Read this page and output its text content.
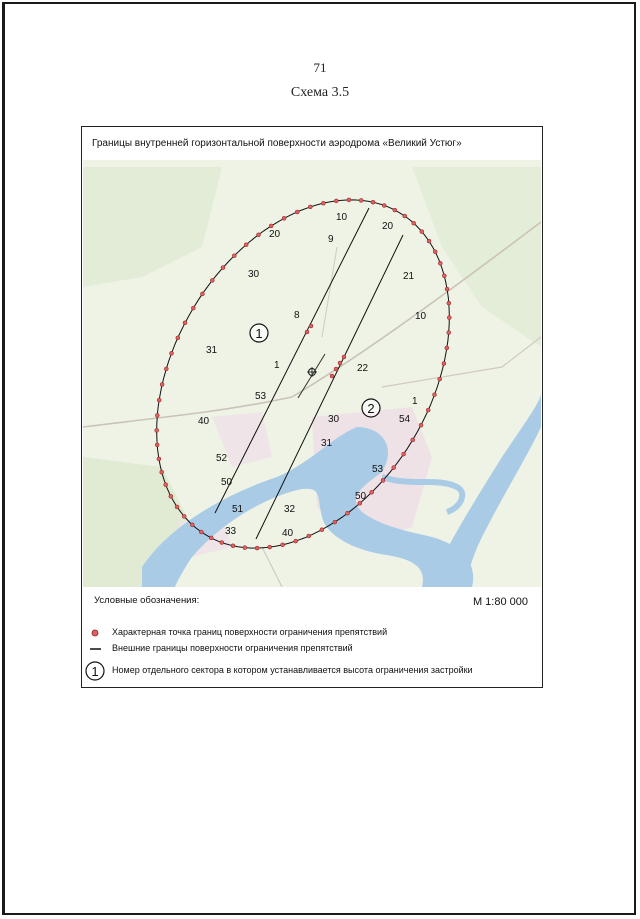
71
Схема 3.5
Границы внутренней горизонтальной поверхности аэродрома «Великий Устюг»
10
9
20
20
30	21
10
8
31
1	22
53
40	30
1
54
31
52
50
53
51	32
50
33	40
1
2
1
Условные обозначения:	М 1:80 000
Характерная точка границ поверхности ограничения препятствий
Внешние границы поверхности ограничения препятствий
Номер отдельного сектора в котором устанавливается высота ограничения застройки
